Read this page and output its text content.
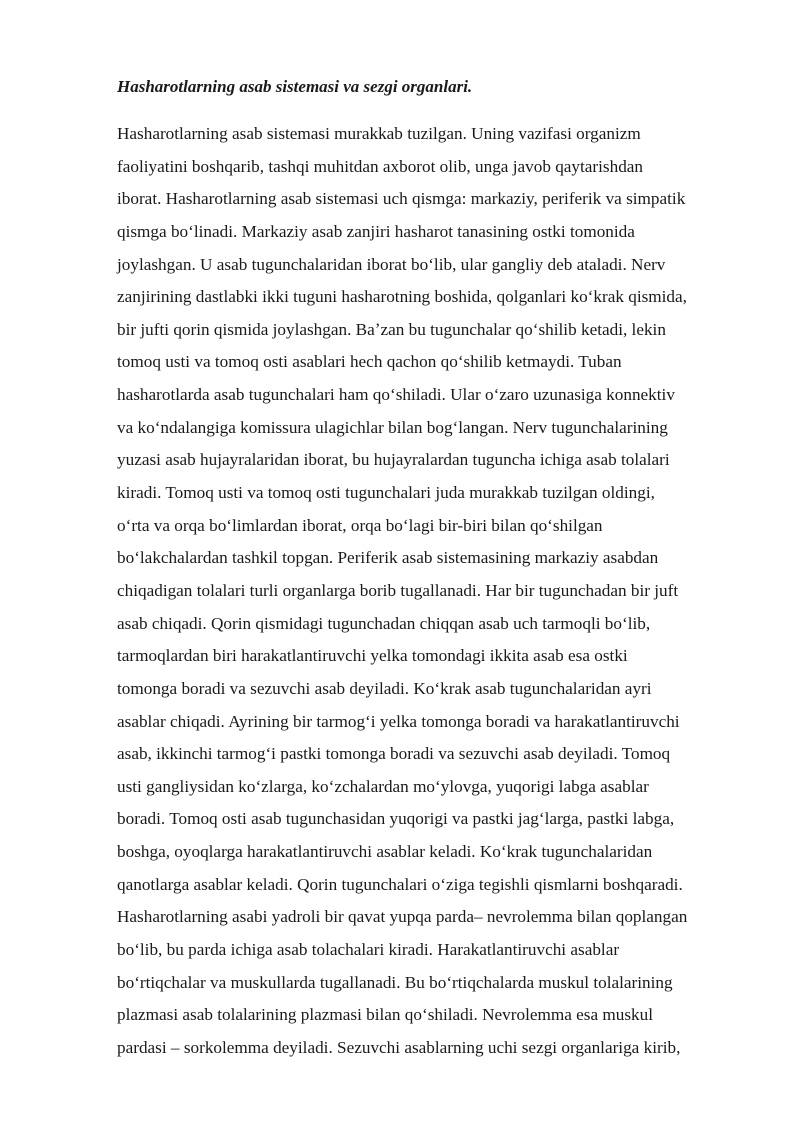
Hasharotlarning asab sistemasi va sezgi organlari.
Hasharotlarning asab sistemasi murakkab tuzilgan. Uning vazifasi organizm
faoliyatini boshqarib, tashqi muhitdan axborot olib, unga javob qaytarishdan
iborat. Hasharotlarning asab sistemasi uch qismga: markaziy, periferik va simpatik
qismga boʻlinadi. Markaziy asab zanjiri hasharot tanasining ostki tomonida
joylashgan. U asab tugunchalaridan iborat boʻlib, ular gangliy deb ataladi. Nerv
zanjirining dastlabki ikki tuguni hasharotning boshida, qolganlari koʻkrak qismida,
bir jufti qorin qismida joylashgan. Baʼzan bu tugunchalar qoʻshilib ketadi, lekin
tomoq usti va tomoq osti asablari hech qachon qoʻshilib ketmaydi. Tuban
hasharotlarda asab tugunchalari ham qoʻshiladi. Ular oʻzaro uzunasiga konnektiv
va koʻndalangiga komissura ulagichlar bilan bogʻlangan. Nerv tugunchalarining
yuzasi asab hujayralaridan iborat, bu hujayralardan tuguncha ichiga asab tolalari
kiradi. Tomoq usti va tomoq osti tugunchalari juda murakkab tuzilgan oldingi,
oʻrta va orqa boʻlimlardan iborat, orqa boʻlagi bir-biri bilan qoʻshilgan
boʻlakchalardan tashkil topgan. Periferik asab sistemasining markaziy asabdan
chiqadigan tolalari turli organlarga borib tugallanadi. Har bir tugunchadan bir juft
asab chiqadi. Qorin qismidagi tugunchadan chiqqan asab uch tarmoqli boʻlib,
tarmoqlardan biri harakatlantiruvchi yelka tomondagi ikkita asab esa ostki
tomonga boradi va sezuvchi asab deyiladi. Koʻkrak asab tugunchalaridan ayri
asablar chiqadi. Ayrining bir tarmogʻi yelka tomonga boradi va harakatlantiruvchi
asab, ikkinchi tarmogʻi pastki tomonga boradi va sezuvchi asab deyiladi. Tomoq
usti gangliysidan koʻzlarga, koʻzchalardan moʻylovga, yuqorigi labga asablar
boradi. Tomoq osti asab tugunchasidan yuqorigi va pastki jagʻlarga, pastki labga,
boshga, oyoqlarga harakatlantiruvchi asablar keladi. Koʻkrak tugunchalaridan
qanotlarga asablar keladi. Qorin tugunchalari oʻziga tegishli qismlarni boshqaradi.
Hasharotlarning asabi yadroli bir qavat yupqa parda– nevrolemma bilan qoplangan
boʻlib, bu parda ichiga asab tolachalari kiradi. Harakatlantiruvchi asablar
boʻrtiqchalar va muskullarda tugallanadi. Bu boʻrtiqchalarda muskul tolalarining
plazmasi asab tolalarining plazmasi bilan qoʻshiladi. Nevrolemma esa muskul
pardasi – sorkolemma deyiladi. Sezuvchi asablarning uchi sezgi organlariga kirib,
